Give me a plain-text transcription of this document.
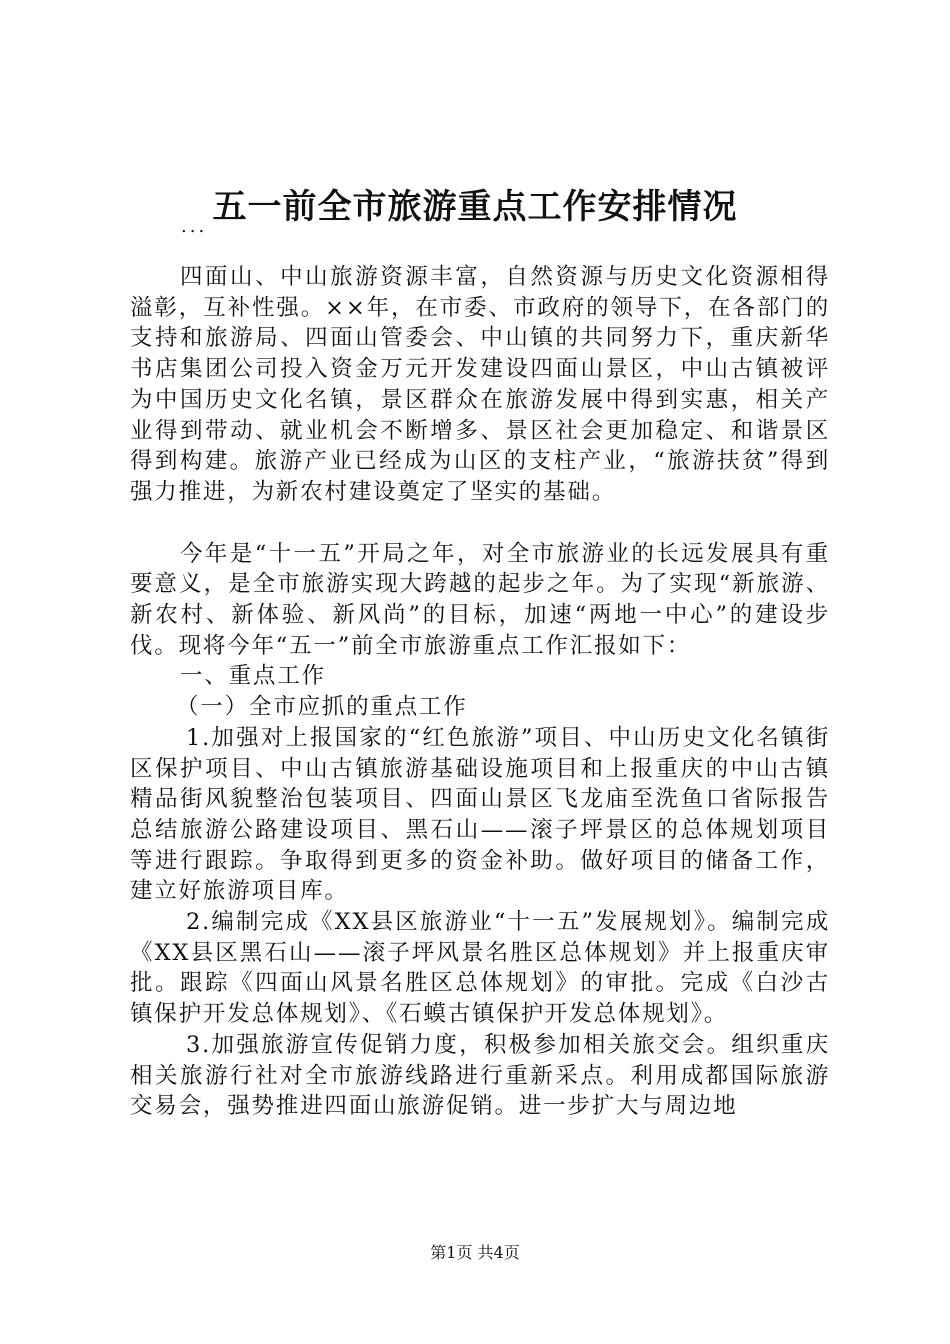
五一前全市旅游重点工作安排情况
...

四面山、中山旅游资源丰富，自然资源与历史文化资源相得溢彰，互补性强。××年，在市委、市政府的领导下，在各部门的支持和旅游局、四面山管委会、中山镇的共同努力下，重庆新华书店集团公司投入资金万元开发建设四面山景区，中山古镇被评为中国历史文化名镇，景区群众在旅游发展中得到实惠，相关产业得到带动、就业机会不断增多、景区社会更加稳定、和谐景区得到构建。旅游产业已经成为山区的支柱产业，“旅游扶贫”得到强力推进，为新农村建设奠定了坚实的基础。

今年是“十一五”开局之年，对全市旅游业的长远发展具有重要意义，是全市旅游实现大跨越的起步之年。为了实现“新旅游、新农村、新体验、新风尚”的目标，加速“两地一中心”的建设步伐。现将今年“五一”前全市旅游重点工作汇报如下：

一、重点工作

（一）全市应抓的重点工作

1.加强对上报国家的“红色旅游”项目、中山历史文化名镇街区保护项目、中山古镇旅游基础设施项目和上报重庆的中山古镇精品街风貌整治包装项目、四面山景区飞龙庙至洗鱼口省际报告总结旅游公路建设项目、黑石山——滚子坪景区的总体规划项目等进行跟踪。争取得到更多的资金补助。做好项目的储备工作，建立好旅游项目库。

2.编制完成《XX县区旅游业“十一五”发展规划》。编制完成《XX县区黑石山——滚子坪风景名胜区总体规划》并上报重庆审批。跟踪《四面山风景名胜区总体规划》的审批。完成《白沙古镇保护开发总体规划》、《石蟆古镇保护开发总体规划》。

3.加强旅游宣传促销力度，积极参加相关旅交会。组织重庆相关旅游行社对全市旅游线路进行重新采点。利用成都国际旅游交易会，强势推进四面山旅游促销。进一步扩大与周边地

第1页 共4页
